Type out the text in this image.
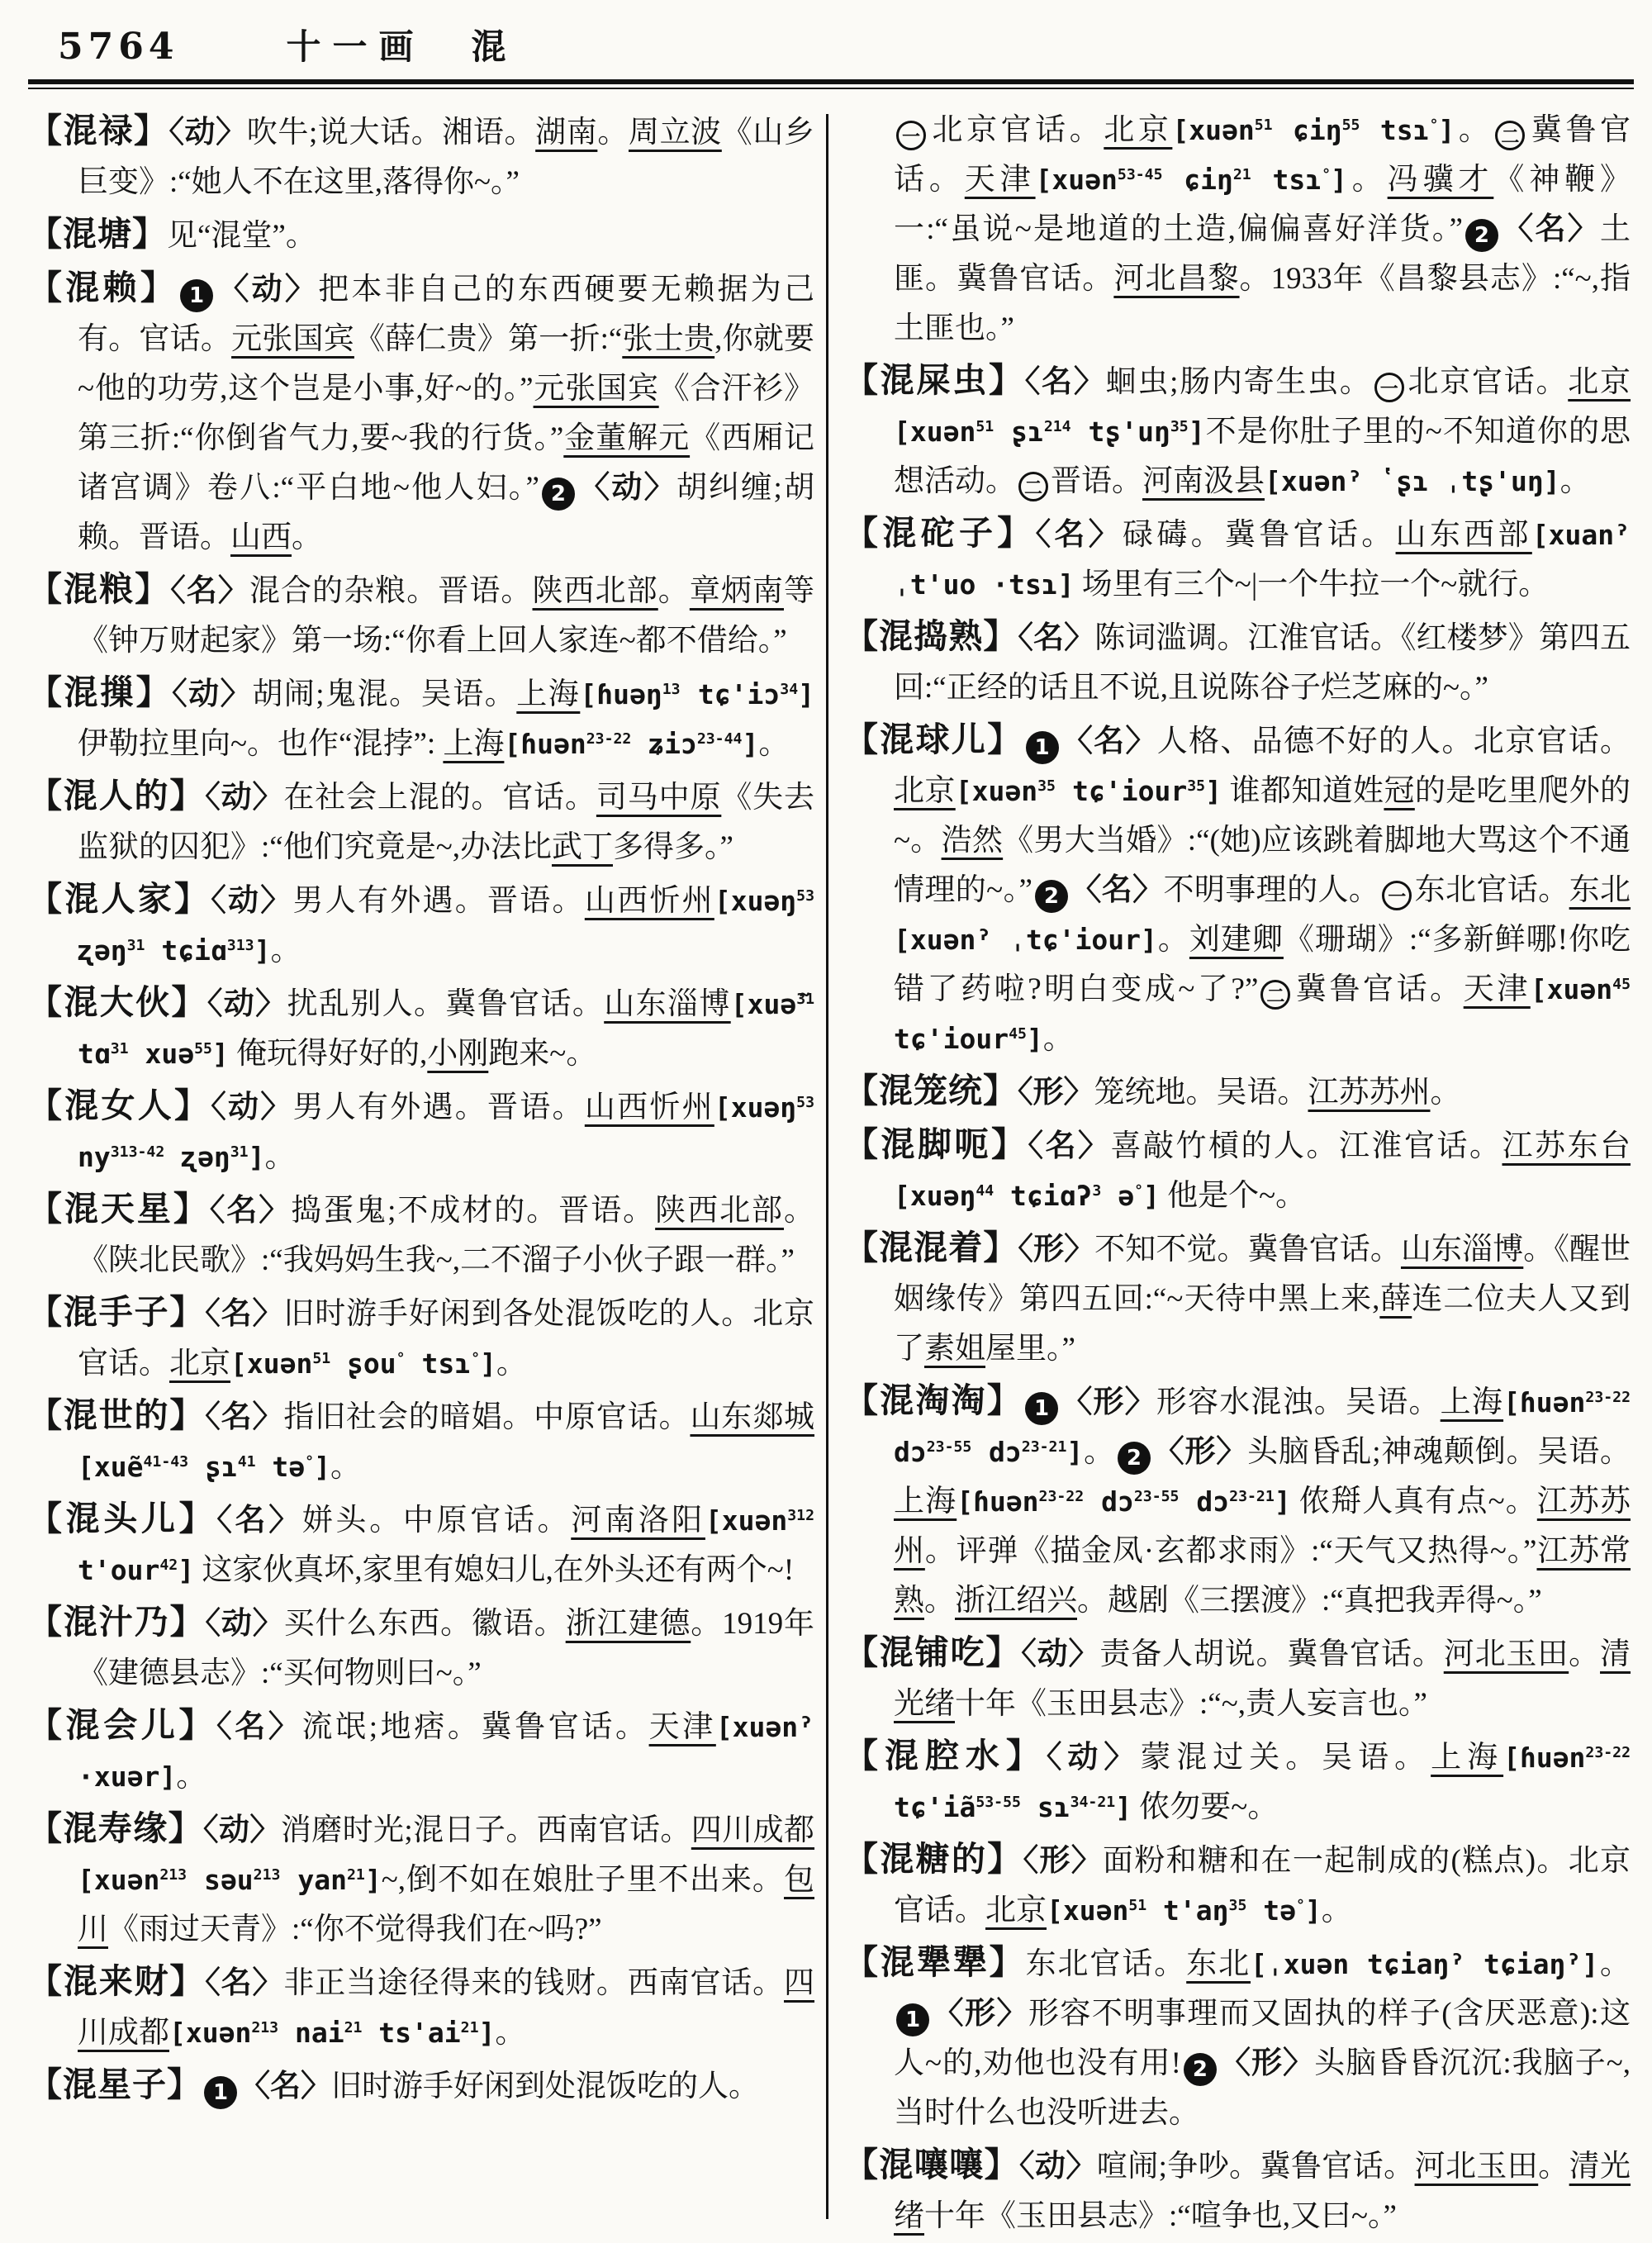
5764	十一画　混
【混禄】〈动〉吹牛;说大话。湘语。湖南。周立波《山乡巨变》:“她人不在这里,落得你~。”
【混塘】见“混堂”。
【混赖】 1 〈动〉把本非自己的东西硬要无赖据为己有。官话。元张国宾《薛仁贵》第一折:“张士贵,你就要~他的功劳,这个岂是小事,好~的。”元张国宾《合汗衫》第三折:“你倒省气力,要~我的行货。”金董解元《西厢记诸宫调》卷八:“平白地~他人妇。” 2 〈动〉胡纠缠;胡赖。晋语。山西。
【混粮】〈名〉混合的杂粮。晋语。陕西北部。章炳南等《钟万财起家》第一场:“你看上回人家连~都不借给。”
【混摷】〈动〉胡闹;鬼混。吴语。上海[ɦuəŋ$^{13}$ tɕ'iɔ$^{34}$] 伊勒拉里向~。也作“混挬”: 上海[ɦuən$^{23-22}$ ʑiɔ$^{23-44}$]。
【混人的】〈动〉在社会上混的。官话。司马中原《失去监狱的囚犯》:“他们究竟是~,办法比武丁多得多。”
【混人家】〈动〉男人有外遇。晋语。山西忻州[xuəŋ$^{53}$ ʐəŋ$^{31}$ tɕiɑ$^{313}$]。
【混大伙】〈动〉扰乱别人。冀鲁官话。山东淄博[xuə̃$^{31}$ tɑ$^{31}$ xuə$^{55}$] 俺玩得好好的,小刚跑来~。
【混女人】〈动〉男人有外遇。晋语。山西忻州[xuəŋ$^{53}$ $ny^{313-42}$ ʐəŋ$^{31}$]。
【混天星】〈名〉捣蛋鬼;不成材的。晋语。陕西北部。《陕北民歌》:“我妈妈生我~,二不溜子小伙子跟一群。”
【混手子】〈名〉旧时游手好闲到各处混饭吃的人。北京官话。北京[xuən$^{51}$ ʂou° tsɿ°]。
【混世的】〈名〉指旧社会的暗娼。中原官话。山东郯城[xuẽ$^{41-43}$ ʂɿ$^{41}$ tə°]。
【混头儿】〈名〉姘头。中原官话。河南洛阳[xuən$^{312}$ t'our$^{42}$] 这家伙真坏,家里有媳妇儿,在外头还有两个~!
【混汁乃】〈动〉买什么东西。徽语。浙江建德。1919年《建德县志》:“买何物则曰~。”
【混会儿】〈名〉流氓;地痞。冀鲁官话。天津[xuənˀ ·xuər]。
【混寿缘】〈动〉消磨时光;混日子。西南官话。四川成都[xuən$^{213}$ səu$^{213}$ yan$^{21}$]~,倒不如在娘肚子里不出来。包川《雨过天青》:“你不觉得我们在~吗?”
【混来财】〈名〉非正当途径得来的钱财。西南官话。四川成都[xuən$^{213}$ nai$^{21}$ $ts'ai^{21}$]。
【混星子】 1 〈名〉旧时游手好闲到处混饭吃的人。
一 北京官话。北京[xuən$^{51}$ ɕiŋ$^{55}$ tsɿ°]。 二 冀鲁官话。天津[xuən$^{53-45}$ ɕiŋ$^{21}$ tsɿ°]。冯骥才《神鞭》一:“虽说~是地道的土造,偏偏喜好洋货。” 2 〈名〉土匪。冀鲁官话。河北昌黎。1933年《昌黎县志》:“~,指土匪也。”
【混屎虫】〈名〉蛔虫;肠内寄生虫。 一 北京官话。北京[xuən$^{51}$ ʂɿ$^{214}$ $tʂ'uŋ^{35}$]不是你肚子里的~不知道你的思想活动。 二 晋语。河南汲县[xuənˀ ʽʂɿ ˌtʂ'uŋ]。
【混砣子】〈名〉碌碡。冀鲁官话。山东西部[xuanˀ ˌt'uo ·tsɿ] 场里有三个~|一个牛拉一个~就行。
【混捣熟】〈名〉陈词滥调。江淮官话。《红楼梦》第四五回:“正经的话且不说,且说陈谷子烂芝麻的~。”
【混球儿】 1 〈名〉人格、品德不好的人。北京官话。北京[xuən$^{35}$ tɕ'iour$^{35}$] 谁都知道姓冠的是吃里爬外的~。浩然《男大当婚》:“(她)应该跳着脚地大骂这个不通情理的~。” 2 〈名〉不明事理的人。 一 东北官话。东北[xuənˀ ˌtɕ'iour]。刘建卿《珊瑚》:“多新鲜哪!你吃错了药啦?明白变成~了?” 二 冀鲁官话。天津[xuən$^{45}$ tɕ'iour$^{45}$]。
【混笼统】〈形〉笼统地。吴语。江苏苏州。
【混脚呃】〈名〉喜敲竹槓的人。江淮官话。江苏东台[xuəŋ$^{44}$ tɕiɑʔ$^3$ ə°] 他是个~。
【混混着】〈形〉不知不觉。冀鲁官话。山东淄博。《醒世姻缘传》第四五回:“~天待中黑上来,薛连二位夫人又到了素姐屋里。”
【混淘淘】 1 〈形〉形容水混浊。吴语。上海[ɦuən$^{23-22}$ dɔ$^{23-55}$ dɔ$^{23-21}$]。 2 〈形〉头脑昏乱;神魂颠倒。吴语。上海[ɦuən$^{23-22}$ dɔ$^{23-55}$ dɔ$^{23-21}$] 侬搿人真有点~。江苏苏州。评弹《描金凤·玄都求雨》:“天气又热得~。”江苏常熟。浙江绍兴。越剧《三摆渡》:“真把我弄得~。”
【混铺吃】〈动〉责备人胡说。冀鲁官话。河北玉田。清光绪十年《玉田县志》:“~,责人妄言也。”
【混腔水】〈动〉蒙混过关。吴语。上海[ɦuən$^{23-22}$ $tɕ'iã^{53-55}$ sɿ$^{34-21}$] 侬勿要~。
【混糖的】〈形〉面粉和糖和在一起制成的(糕点)。北京官话。北京[xuən$^{51}$ $t'aŋ^{35}$ tə°]。
【混犟犟】东北官话。东北[ˌxuən tɕiaŋˀ tɕiaŋˀ]。1 〈形〉形容不明事理而又固执的样子(含厌恶意):这人~的,劝他也没有用! 2 〈形〉头脑昏昏沉沉:我脑子~,当时什么也没听进去。
【混嚷嚷】〈动〉喧闹;争吵。冀鲁官话。河北玉田。清光绪十年《玉田县志》:“喧争也,又曰~。”
